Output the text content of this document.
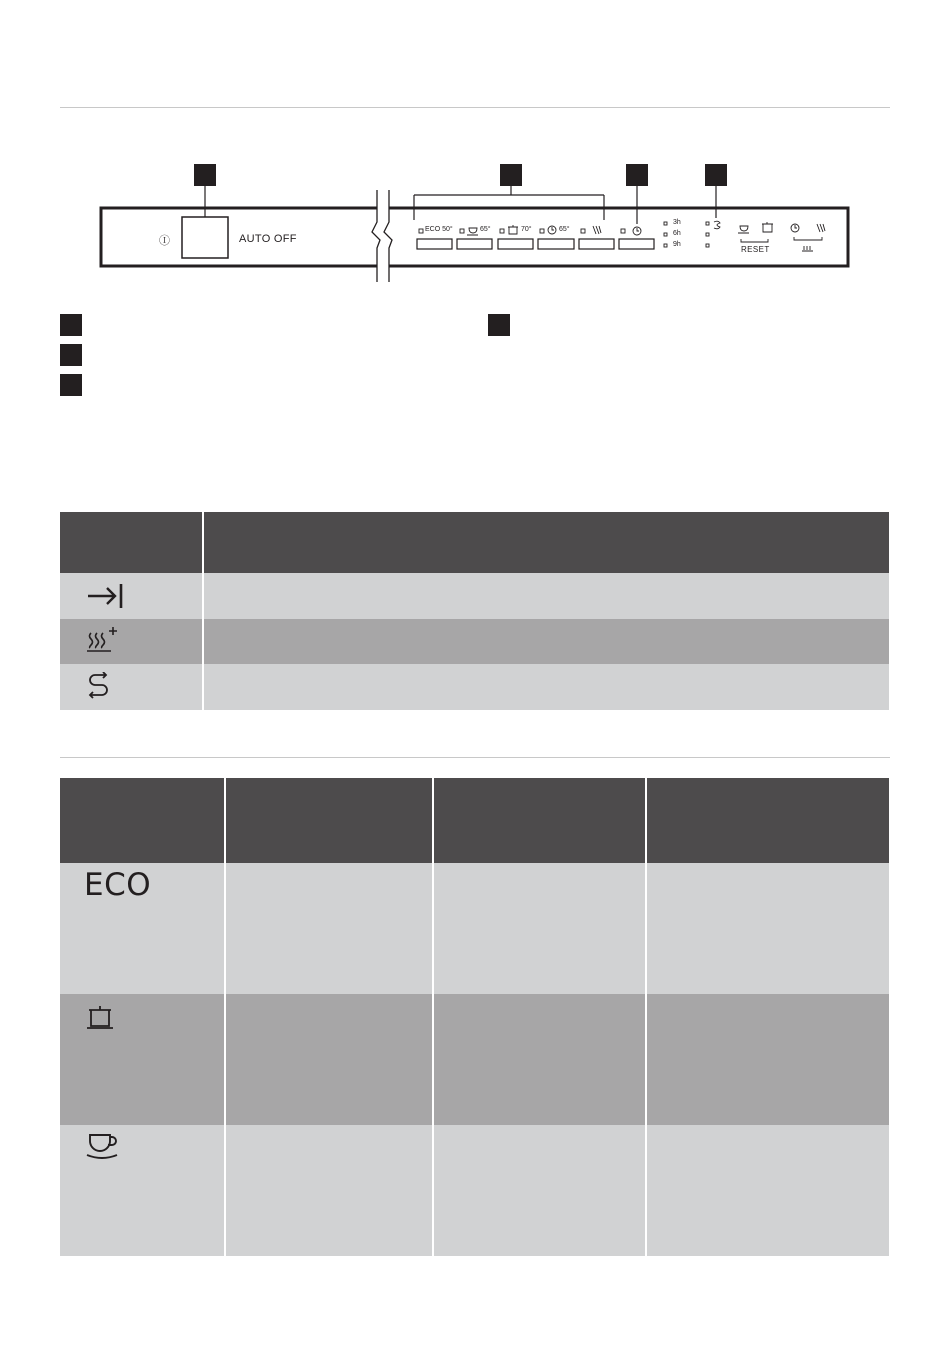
Ⓘ	AUTO OFF
ECO 50°	65°	70°	65°
3h
6h
9h
RESET

ECO			
